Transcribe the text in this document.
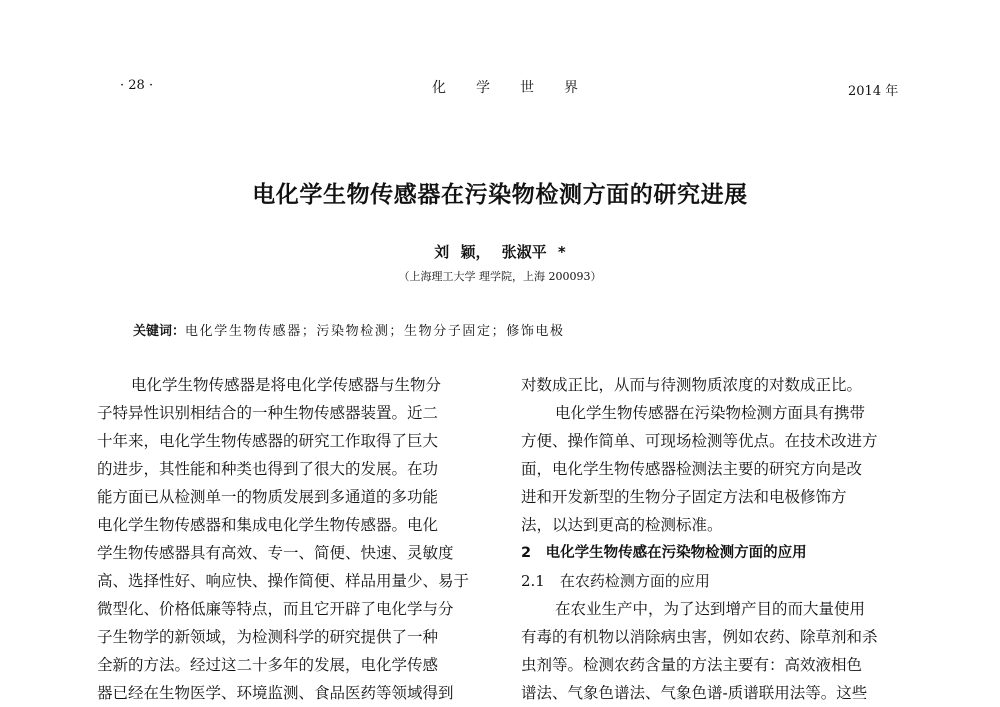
· 28 ·	化学世界	2014 年
电化学生物传感器在污染物检测方面的研究进展
刘 颖， 张淑平 *
（上海理工大学 理学院，上海 200093）
关键词：电化学生物传感器；污染物检测；生物分子固定；修饰电极
电化学生物传感器是将电化学传感器与生物分
子特异性识别相结合的一种生物传感器装置。近二
十年来，电化学生物传感器的研究工作取得了巨大
的进步，其性能和种类也得到了很大的发展。在功
能方面已从检测单一的物质发展到多通道的多功能
电化学生物传感器和集成电化学生物传感器。电化
学生物传感器具有高效、专一、简便、快速、灵敏度
高、选择性好、响应快、操作简便、样品用量少、易于
微型化、价格低廉等特点，而且它开辟了电化学与分
子生物学的新领域，为检测科学的研究提供了一种
全新的方法。经过这二十多年的发展，电化学传感
器已经在生物医学、环境监测、食品医药等领域得到
对数成正比，从而与待测物质浓度的对数成正比。
电化学生物传感器在污染物检测方面具有携带
方便、操作简单、可现场检测等优点。在技术改进方
面，电化学生物传感器检测法主要的研究方向是改
进和开发新型的生物分子固定方法和电极修饰方
法，以达到更高的检测标准。
2　电化学生物传感在污染物检测方面的应用
2.1　在农药检测方面的应用
在农业生产中，为了达到增产目的而大量使用
有毒的有机物以消除病虫害，例如农药、除草剂和杀
虫剂等。检测农药含量的方法主要有：高效液相色
谱法、气象色谱法、气象色谱-质谱联用法等。这些
